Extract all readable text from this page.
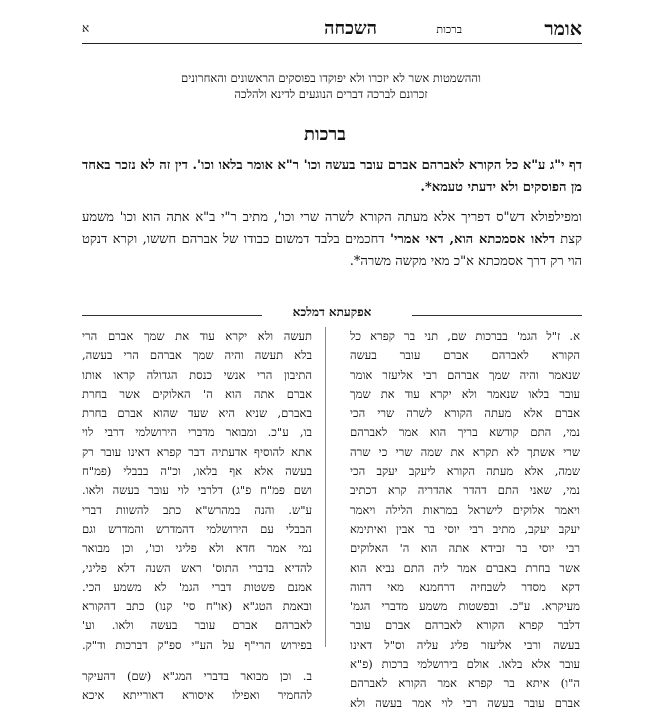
אומר
ברכות
השכחה
א
וההשמטות אשר לא יזכרו ולא יפוקדו בפוסקים הראשונים והאחרונים
זכרונם לברכה דברים הנוגעים לדינא ולהלכה
ברכות
דף י"ג ע"א כל הקורא לאברהם אברם עובר בעשה וכו' ר"א אומר בלאו וכו'. דין זה לא נזכר באחד מן הפוסקים ולא ידעתי טעמא*.
ומפילפולא דש"ס דפריך אלא מעתה הקורא לשרה שרי וכו', מתיב ר"י ב"א אתה הוא וכו' משמע קצת דלאו אסמכתא הוא, דאי אמרי' דחכמים בלבד דמשום כבודו של אברהם חששו, וקרא דנקט הוי רק דרך אסמכתא א"כ מאי מקשה משרה*.
אפקעתא דמלכא
א. ז"ל הגמ' בברכות שם, תני בר קפרא כל
הקורא לאברהם אברם עובר בעשה
שנאמר והיה שמך אברהם רבי אליעזר אומר
עובר בלאו שנאמר ולא יקרא עוד את שמך
אברם אלא מעתה הקורא לשרה שרי הכי
נמי, התם קודשא בריך הוא אמר לאברהם
שרי אשתך לא תקרא את שמה שרי כי שרה
שמה, אלא מעתה הקורא ליעקב יעקב הכי
נמי, שאני התם דהדר אהדריה קרא דכתיב
ויאמר אלוקים לישראל במראות הלילה ויאמר
יעקב יעקב, מתיב רבי יוסי בר אבין ואיתימא
רבי יוסי בר זבידא אתה הוא ה' האלוקים
אשר בחרת באברם אמר ליה התם נביא הוא
דקא מסדר לשבחיה דרחמנא מאי דהוה
מעיקרא. ע"כ. ובפשטות משמע מדברי הגמ'
דלבר קפרא הקורא לאברהם אברם עובר
בעשה ורבי אליעזר פליג עליה וס"ל דאינו
עובר אלא בלאו. אולם בירושלמי ברכות (פ"א
ה"ו) איתא בר קפרא אמר הקורא לאברהם
אברם עובר בעשה רבי לוי אמר בעשה ולא
תעשה ולא יקרא עוד את שמך אברם הרי
בלא תעשה והיה שמך אברהם הרי בעשה,
התיבון הרי אנשי כנסת הגדולה קראו אותו
אברם אתה הוא ה' האלוקים אשר בחרת
באברם, שניא היא שעד שהוא אברם בחרת
בו, ע"כ. ומבואר מדברי הירושלמי דרבי לוי
אתא להוסיף אדעתיה דבר קפרא דאינו עובר רק
בעשה אלא אף בלאו, וכ"ה בבבלי (פמ"ח
ושם פמ"ח פ"ג) דלרבי לוי עובר בעשה ולאו.
ע"ש. והנה במהרש"א כתב להשוות דברי
הבבלי עם הירושלמי דהמדרש והמדרש וגם
נמי אמר חדא ולא פליגי וכו', וכן מבואר
להדיא בדברי התוס' ראש השנה דלא פליגי,
אמנם פשטות דברי הגמ' לא משמע הכי.
ובאמת הטג"א (או"ח סי' קנו) כתב דהקורא
לאברהם אברם עובר בעשה ולאו. וע'
בפירוש הרי"ף על הע"י ספ"ק דברכות וד"ק.
ב. וכן מבואר בדברי המג"א (שם) דהעיקר
להחמיר ואפילו איסורא דאורייתא איכא
